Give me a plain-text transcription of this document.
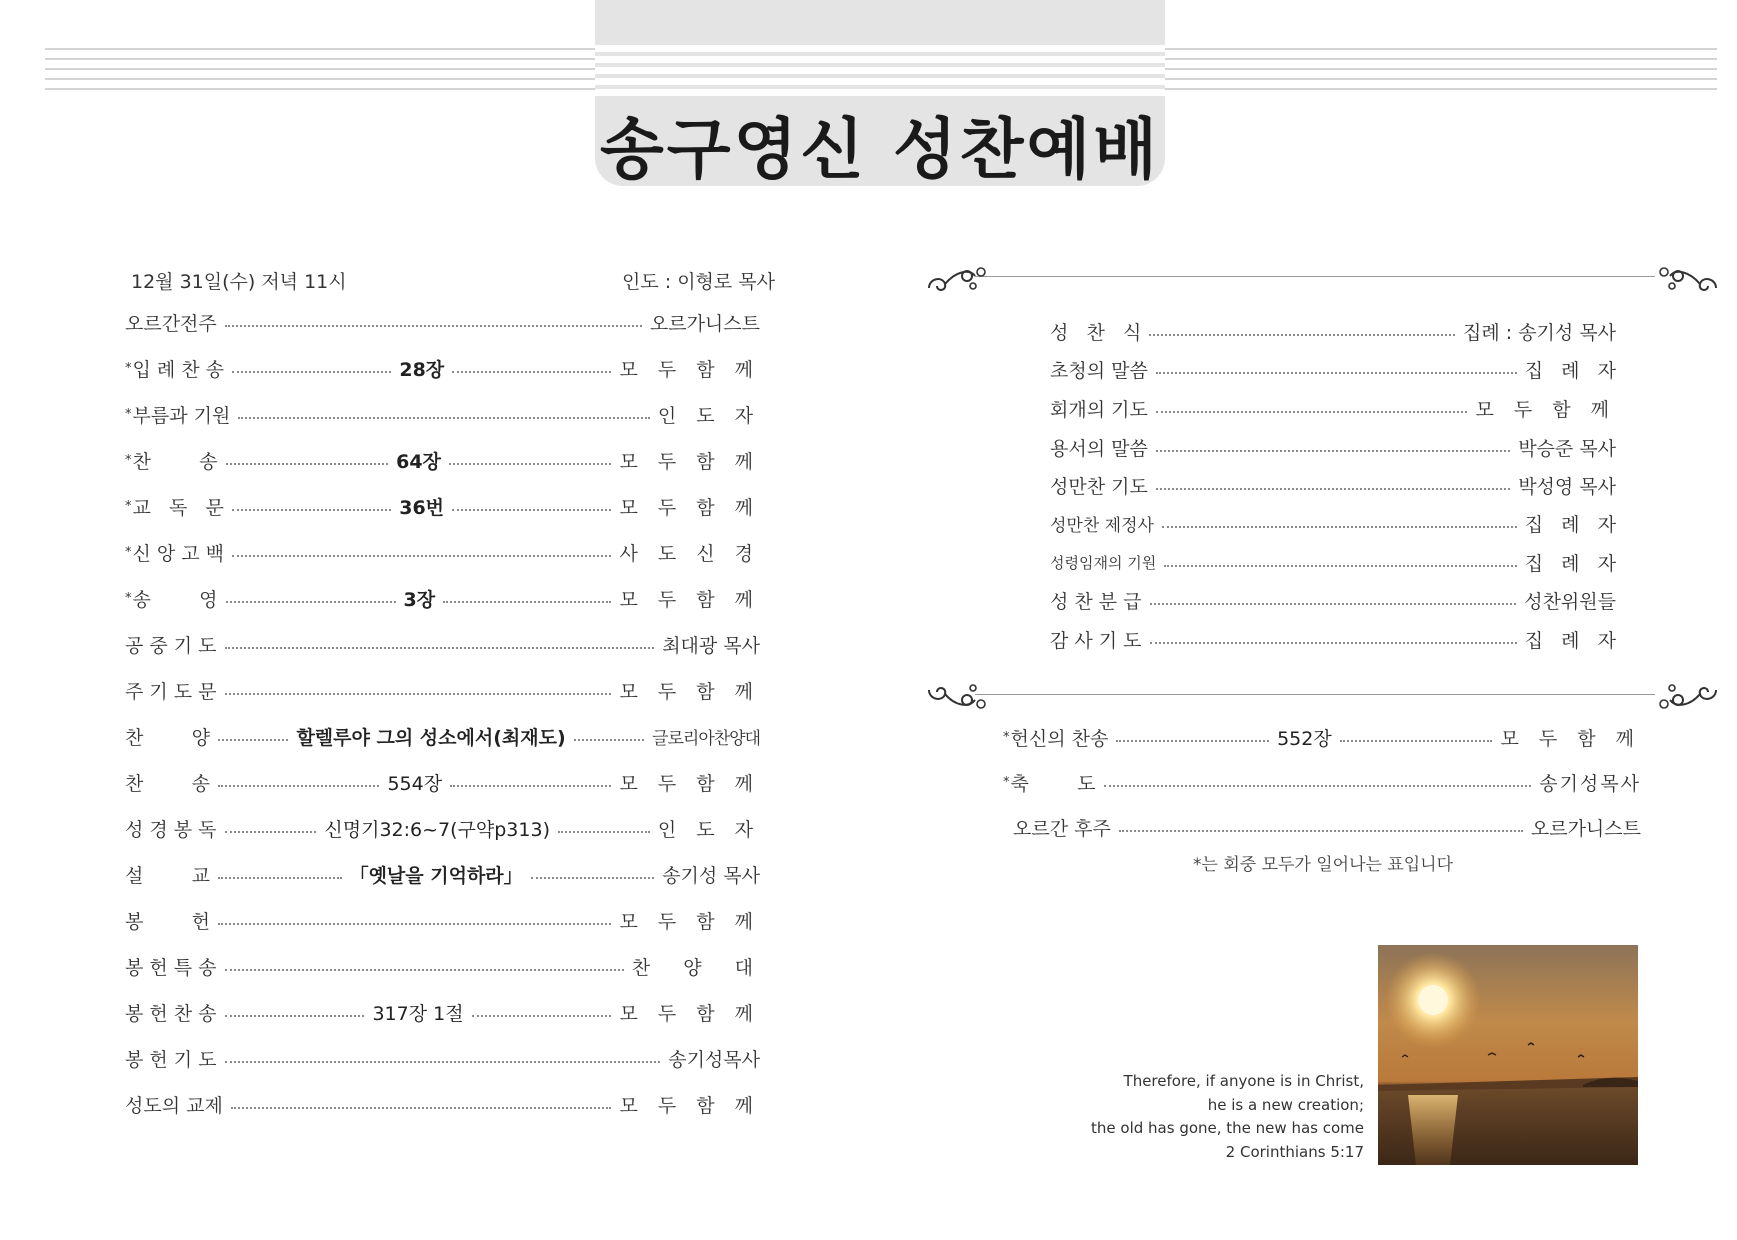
송구영신 성찬예배
12월 31일(수) 저녁 11시	인도 : 이형로 목사
오르간전주	오르가니스트
*입 례 찬 송	28장	모 두 함 께
*부름과 기원	인 도 자
*찬        송	64장	모 두 함 께
*교   독   문	36번	모 두 함 께
*신 앙 고 백	사 도 신 경
*송        영	3장	모 두 함 께
공 중 기 도	최대광 목사
주 기 도 문	모 두 함 께
찬        양	할렐루야 그의 성소에서(최재도)	글로리아찬양대
찬        송	554장	모 두 함 께
성 경 봉 독	신명기32:6~7(구약p313)	인 도 자
설        교	「옛날을 기억하라」	송기성 목사
봉        헌	모 두 함 께
봉 헌 특 송	찬  양  대
봉 헌 찬 송	317장 1절	모 두 함 께
봉 헌 기 도	송기성목사
성도의 교제	모 두 함 께
성   찬   식	집례 : 송기성 목사
초청의 말씀	집   례   자
회개의 기도	모 두 함 께
용서의 말씀	박승준 목사
성만찬 기도	박성영 목사
성만찬 제정사	집   례   자
성령임재의 기원	집   례   자
성 찬 분 급	성찬위원들
감 사 기 도	집   례   자
*헌신의 찬송	552장	모 두 함 께
*축        도	송기성목사
오르간 후주	오르가니스트
*는 회중 모두가 일어나는 표입니다
Therefore, if anyone is in Christ,
he is a new creation;
the old has gone, the new has come
2 Corinthians 5:17
